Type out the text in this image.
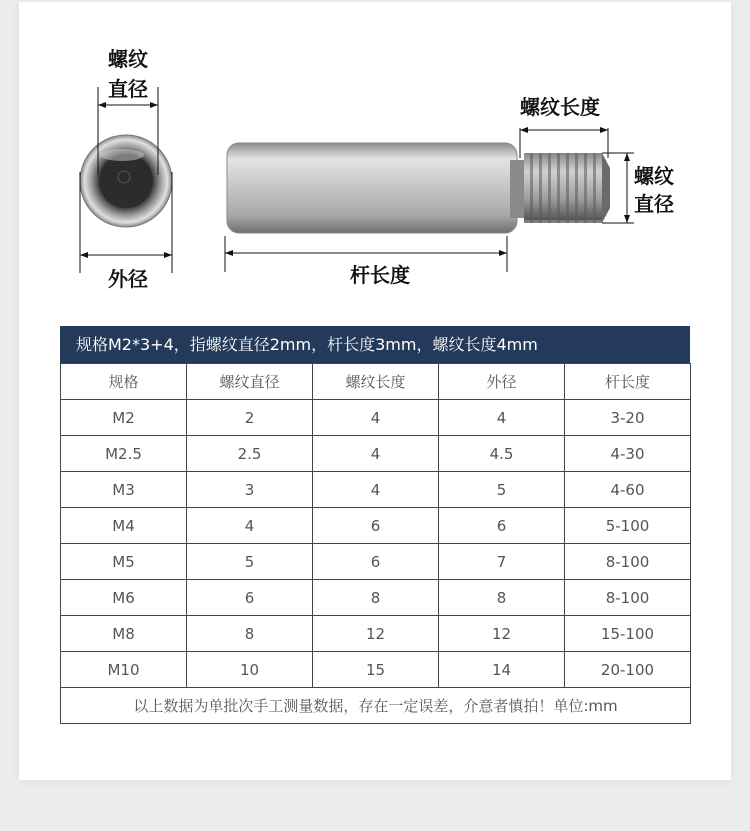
螺纹
直径
外径
螺纹长度
螺纹
直径
杆长度
规格M2*3+4，指螺纹直径2mm，杆长度3mm，螺纹长度4mm
规格	螺纹直径	螺纹长度	外径	杆长度
M2	2	4	4	3-20
M2.5	2.5	4	4.5	4-30
M3	3	4	5	4-60
M4	4	6	6	5-100
M5	5	6	7	8-100
M6	6	8	8	8-100
M8	8	12	12	15-100
M10	10	15	14	20-100
以上数据为单批次手工测量数据，存在一定误差，介意者慎拍！单位:mm				
